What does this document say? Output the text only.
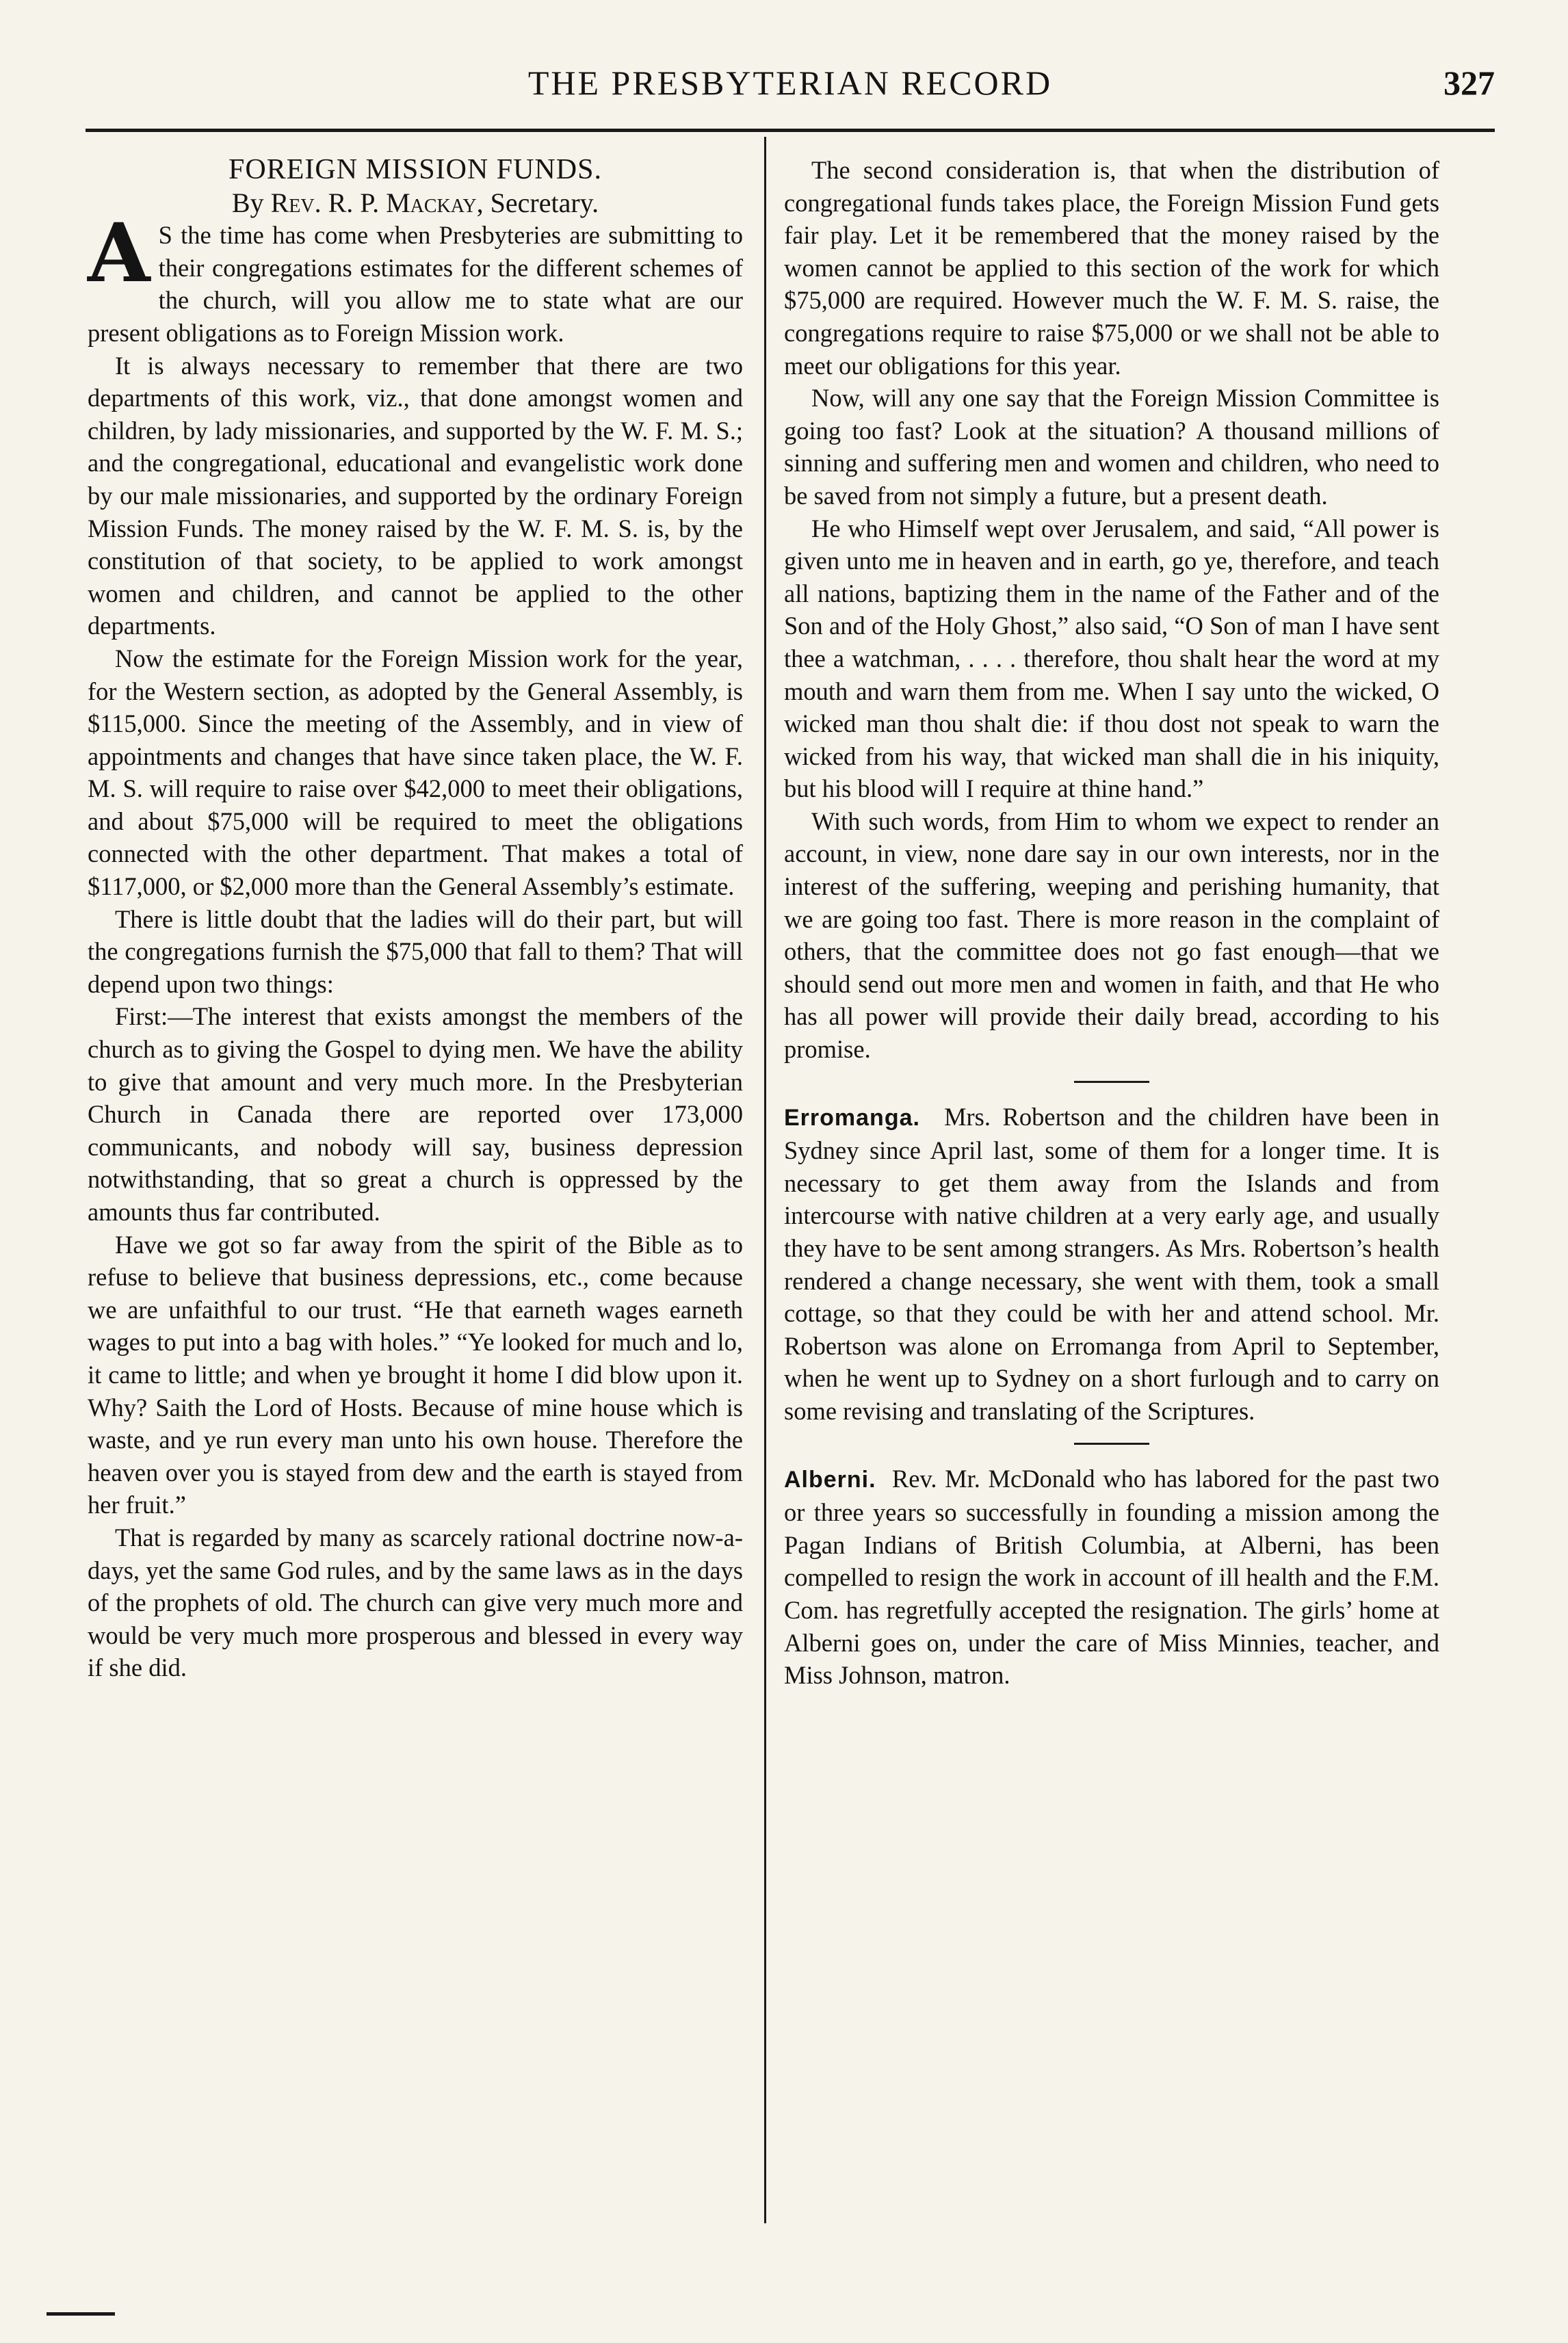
THE PRESBYTERIAN RECORD	327

FOREIGN MISSION FUNDS.

By Rev. R. P. Mackay, Secretary.

A S the time has come when Presbyteries are submitting to their congregations estimates for the different schemes of the church, will you allow me to state what are our present obligations as to Foreign Mission work.

It is always necessary to remember that there are two departments of this work, viz., that done amongst women and children, by lady missionaries, and supported by the W. F. M. S.; and the congregational, educational and evangelistic work done by our male missionaries, and supported by the ordinary Foreign Mission Funds. The money raised by the W. F. M. S. is, by the constitution of that society, to be applied to work amongst women and children, and cannot be applied to the other departments.

Now the estimate for the Foreign Mission work for the year, for the Western section, as adopted by the General Assembly, is $115,000. Since the meeting of the Assembly, and in view of appointments and changes that have since taken place, the W. F. M. S. will require to raise over $42,000 to meet their obligations, and about $75,000 will be required to meet the obligations connected with the other department. That makes a total of $117,000, or $2,000 more than the General Assembly’s estimate.

There is little doubt that the ladies will do their part, but will the congregations furnish the $75,000 that fall to them? That will depend upon two things:

First:—The interest that exists amongst the members of the church as to giving the Gospel to dying men. We have the ability to give that amount and very much more. In the Presbyterian Church in Canada there are reported over 173,000 communicants, and nobody will say, business depression notwithstanding, that so great a church is oppressed by the amounts thus far contributed.

Have we got so far away from the spirit of the Bible as to refuse to believe that business depressions, etc., come because we are unfaithful to our trust. “He that earneth wages earneth wages to put into a bag with holes.” “Ye looked for much and lo, it came to little; and when ye brought it home I did blow upon it. Why? Saith the Lord of Hosts. Because of mine house which is waste, and ye run every man unto his own house. Therefore the heaven over you is stayed from dew and the earth is stayed from her fruit.”

That is regarded by many as scarcely rational doctrine now-a-days, yet the same God rules, and by the same laws as in the days of the prophets of old. The church can give very much more and would be very much more prosperous and blessed in every way if she did.

The second consideration is, that when the distribution of congregational funds takes place, the Foreign Mission Fund gets fair play. Let it be remembered that the money raised by the women cannot be applied to this section of the work for which $75,000 are required. However much the W. F. M. S. raise, the congregations require to raise $75,000 or we shall not be able to meet our obligations for this year.

Now, will any one say that the Foreign Mission Committee is going too fast? Look at the situation? A thousand millions of sinning and suffering men and women and children, who need to be saved from not simply a future, but a present death.

He who Himself wept over Jerusalem, and said, “All power is given unto me in heaven and in earth, go ye, therefore, and teach all nations, baptizing them in the name of the Father and of the Son and of the Holy Ghost,” also said, “O Son of man I have sent thee a watchman, . . . . therefore, thou shalt hear the word at my mouth and warn them from me. When I say unto the wicked, O wicked man thou shalt die: if thou dost not speak to warn the wicked from his way, that wicked man shall die in his iniquity, but his blood will I require at thine hand.”

With such words, from Him to whom we expect to render an account, in view, none dare say in our own interests, nor in the interest of the suffering, weeping and perishing humanity, that we are going too fast. There is more reason in the complaint of others, that the committee does not go fast enough—that we should send out more men and women in faith, and that He who has all power will provide their daily bread, according to his promise.

Erromanga. Mrs. Robertson and the children have been in Sydney since April last, some of them for a longer time. It is necessary to get them away from the Islands and from intercourse with native children at a very early age, and usually they have to be sent among strangers. As Mrs. Robertson’s health rendered a change necessary, she went with them, took a small cottage, so that they could be with her and attend school. Mr. Robertson was alone on Erromanga from April to September, when he went up to Sydney on a short furlough and to carry on some revising and translating of the Scriptures.

Alberni. Rev. Mr. McDonald who has labored for the past two or three years so successfully in founding a mission among the Pagan Indians of British Columbia, at Alberni, has been compelled to resign the work in account of ill health and the F.M. Com. has regretfully accepted the resignation. The girls’ home at Alberni goes on, under the care of Miss Minnies, teacher, and Miss Johnson, matron.
